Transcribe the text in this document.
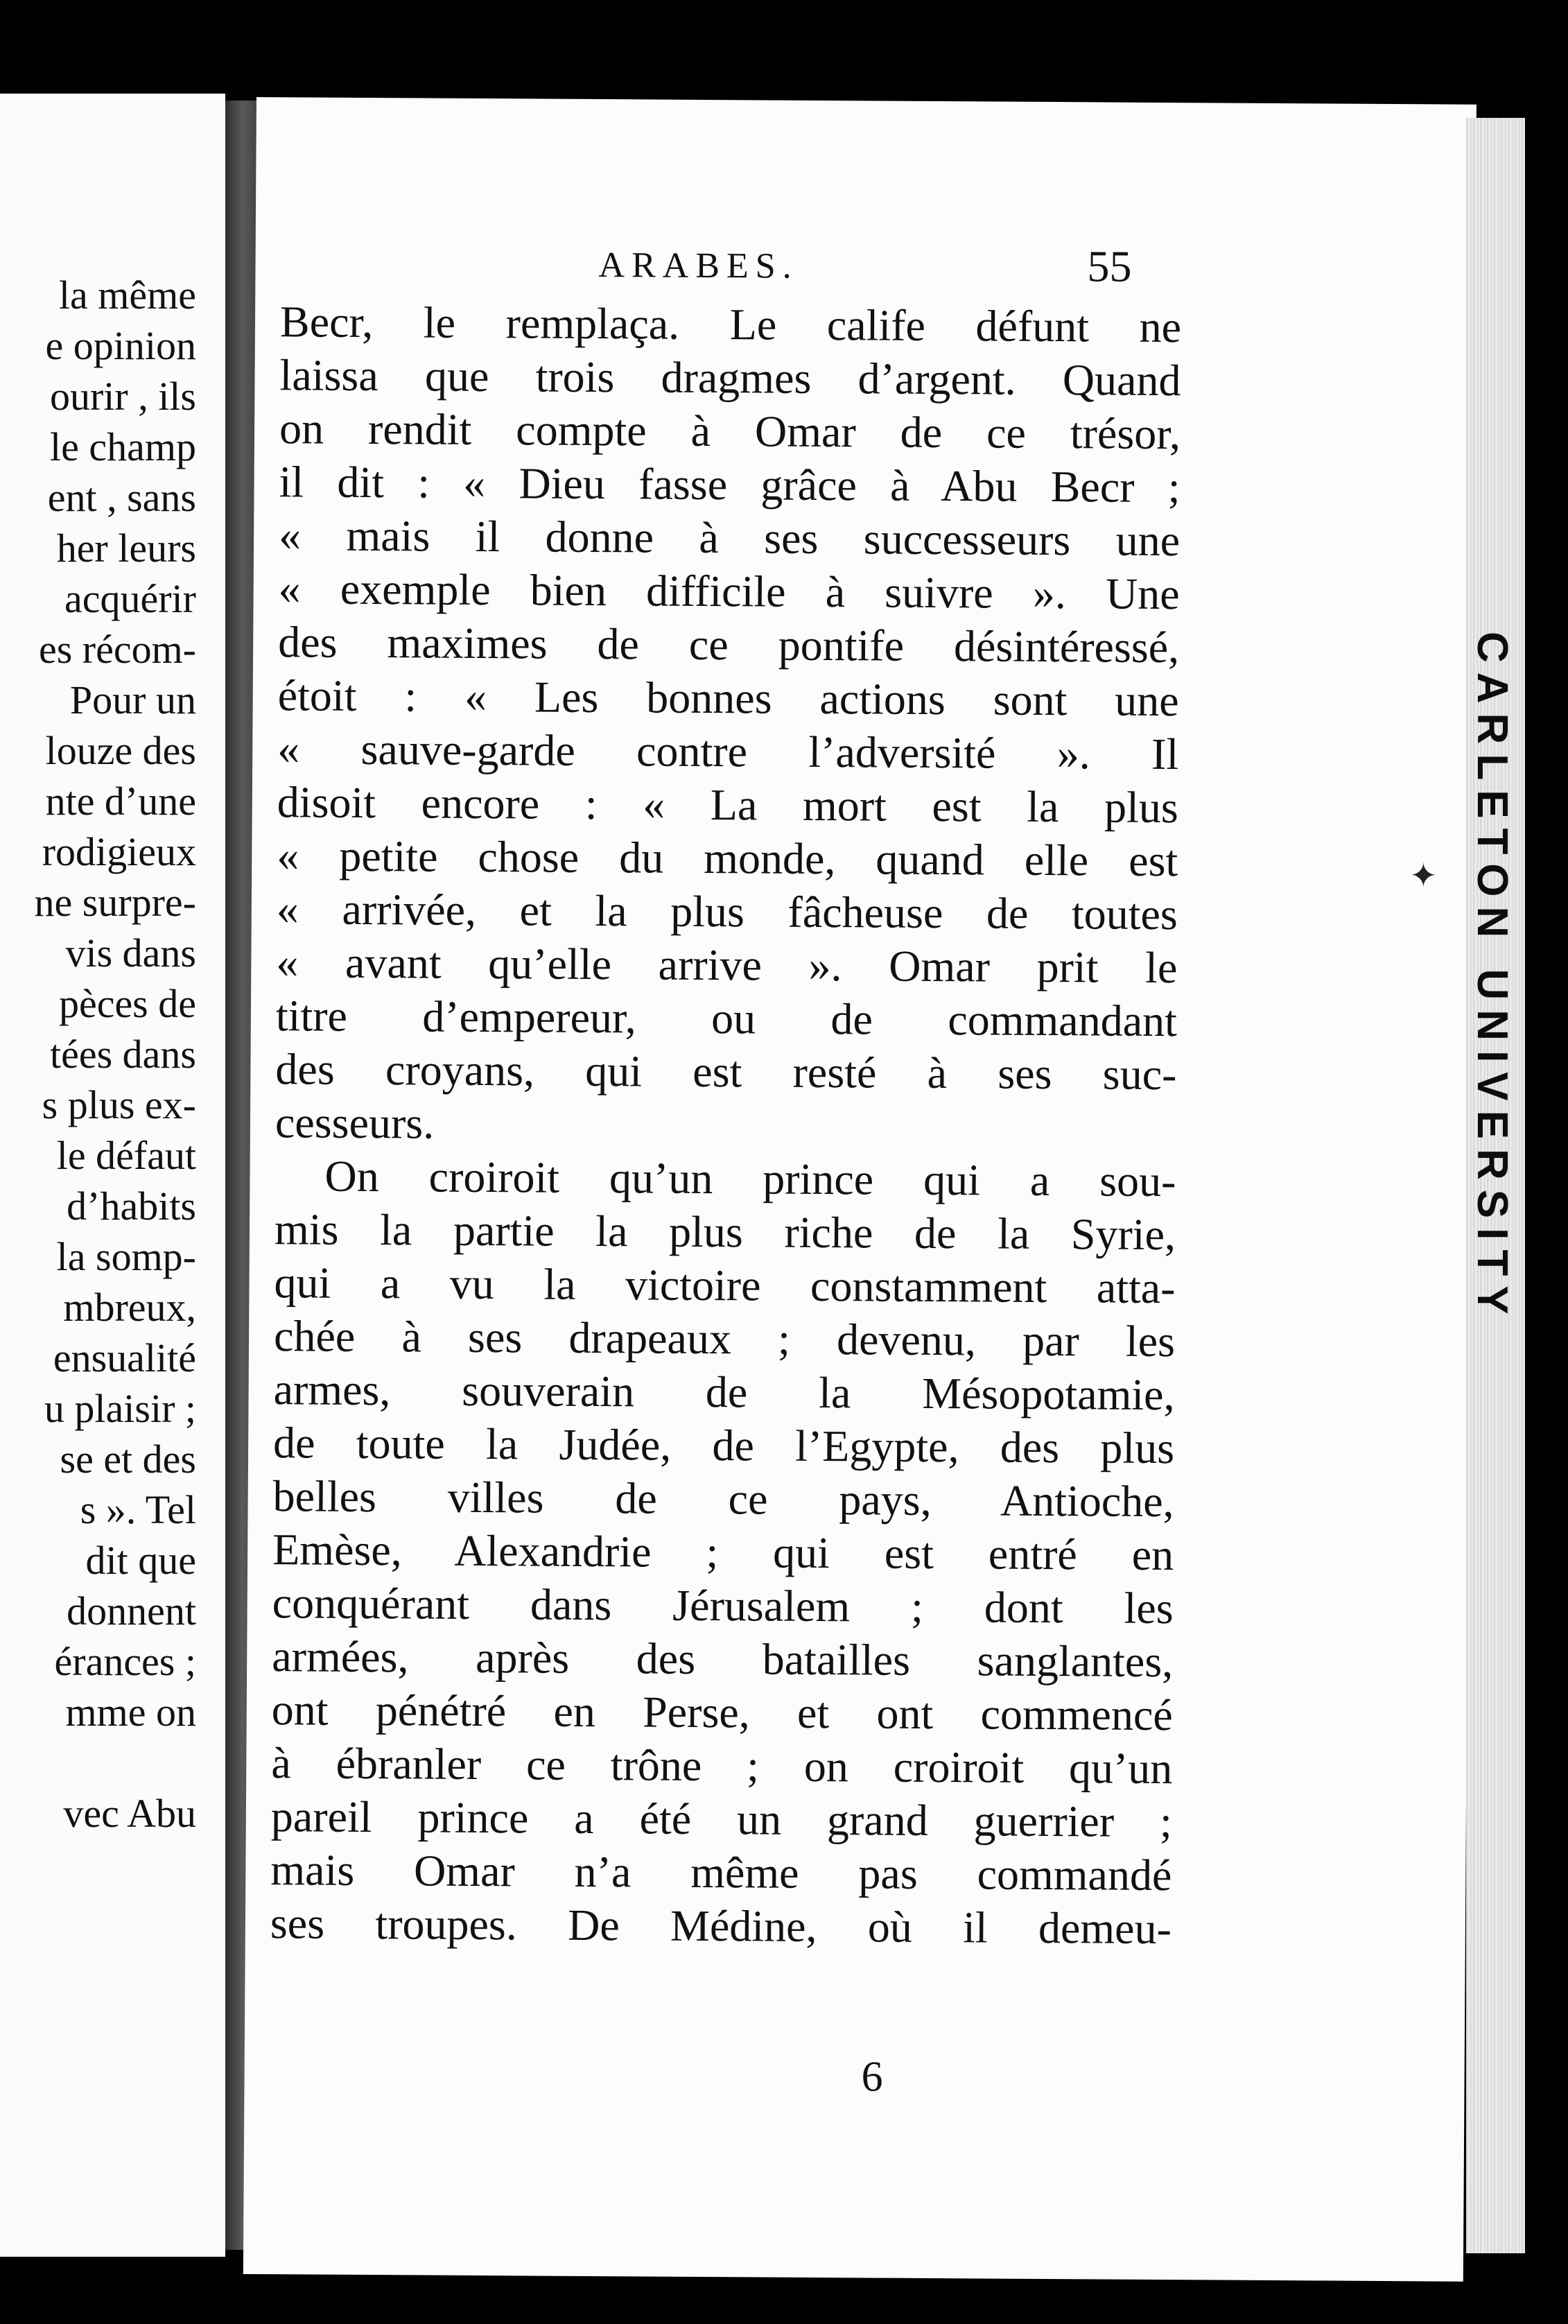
la même
e opinion
ourir , ils
le champ
ent , sans
her leurs
acquérir
es récom-
Pour un
louze des
nte d’une
rodigieux
ne surpre-
vis dans
pèces de
tées dans
s plus ex-
le défaut
d’habits
la somp-
mbreux,
ensualité
u plaisir ;
se et des
s ». Tel
dit que
donnent
érances ;
mme on
vec Abu
ARABES.	55
Becr, le remplaça. Le calife défunt ne
laissa que trois dragmes d’argent. Quand
on rendit compte à Omar de ce trésor,
il dit : « Dieu fasse grâce à Abu Becr ;
« mais il donne à ses successeurs une
« exemple bien difficile à suivre ». Une
des maximes de ce pontife désintéressé,
étoit : « Les bonnes actions sont une
« sauve-garde contre l’adversité ». Il
disoit encore : « La mort est la plus
« petite chose du monde, quand elle est
« arrivée, et la plus fâcheuse de toutes
« avant qu’elle arrive ». Omar prit le
titre d’empereur, ou de commandant
des croyans, qui est resté à ses suc-
cesseurs.
On croiroit qu’un prince qui a sou-
mis la partie la plus riche de la Syrie,
qui a vu la victoire constamment atta-
chée à ses drapeaux ; devenu, par les
armes, souverain de la Mésopotamie,
de toute la Judée, de l’Egypte, des plus
belles villes de ce pays, Antioche,
Emèse, Alexandrie ; qui est entré en
conquérant dans Jérusalem ; dont les
armées, après des batailles sanglantes,
ont pénétré en Perse, et ont commencé
à ébranler ce trône ; on croiroit qu’un
pareil prince a été un grand guerrier ;
mais Omar n’a même pas commandé
ses troupes. De Médine, où il demeu-
✦
6
CARLETON UNIVERSITY
